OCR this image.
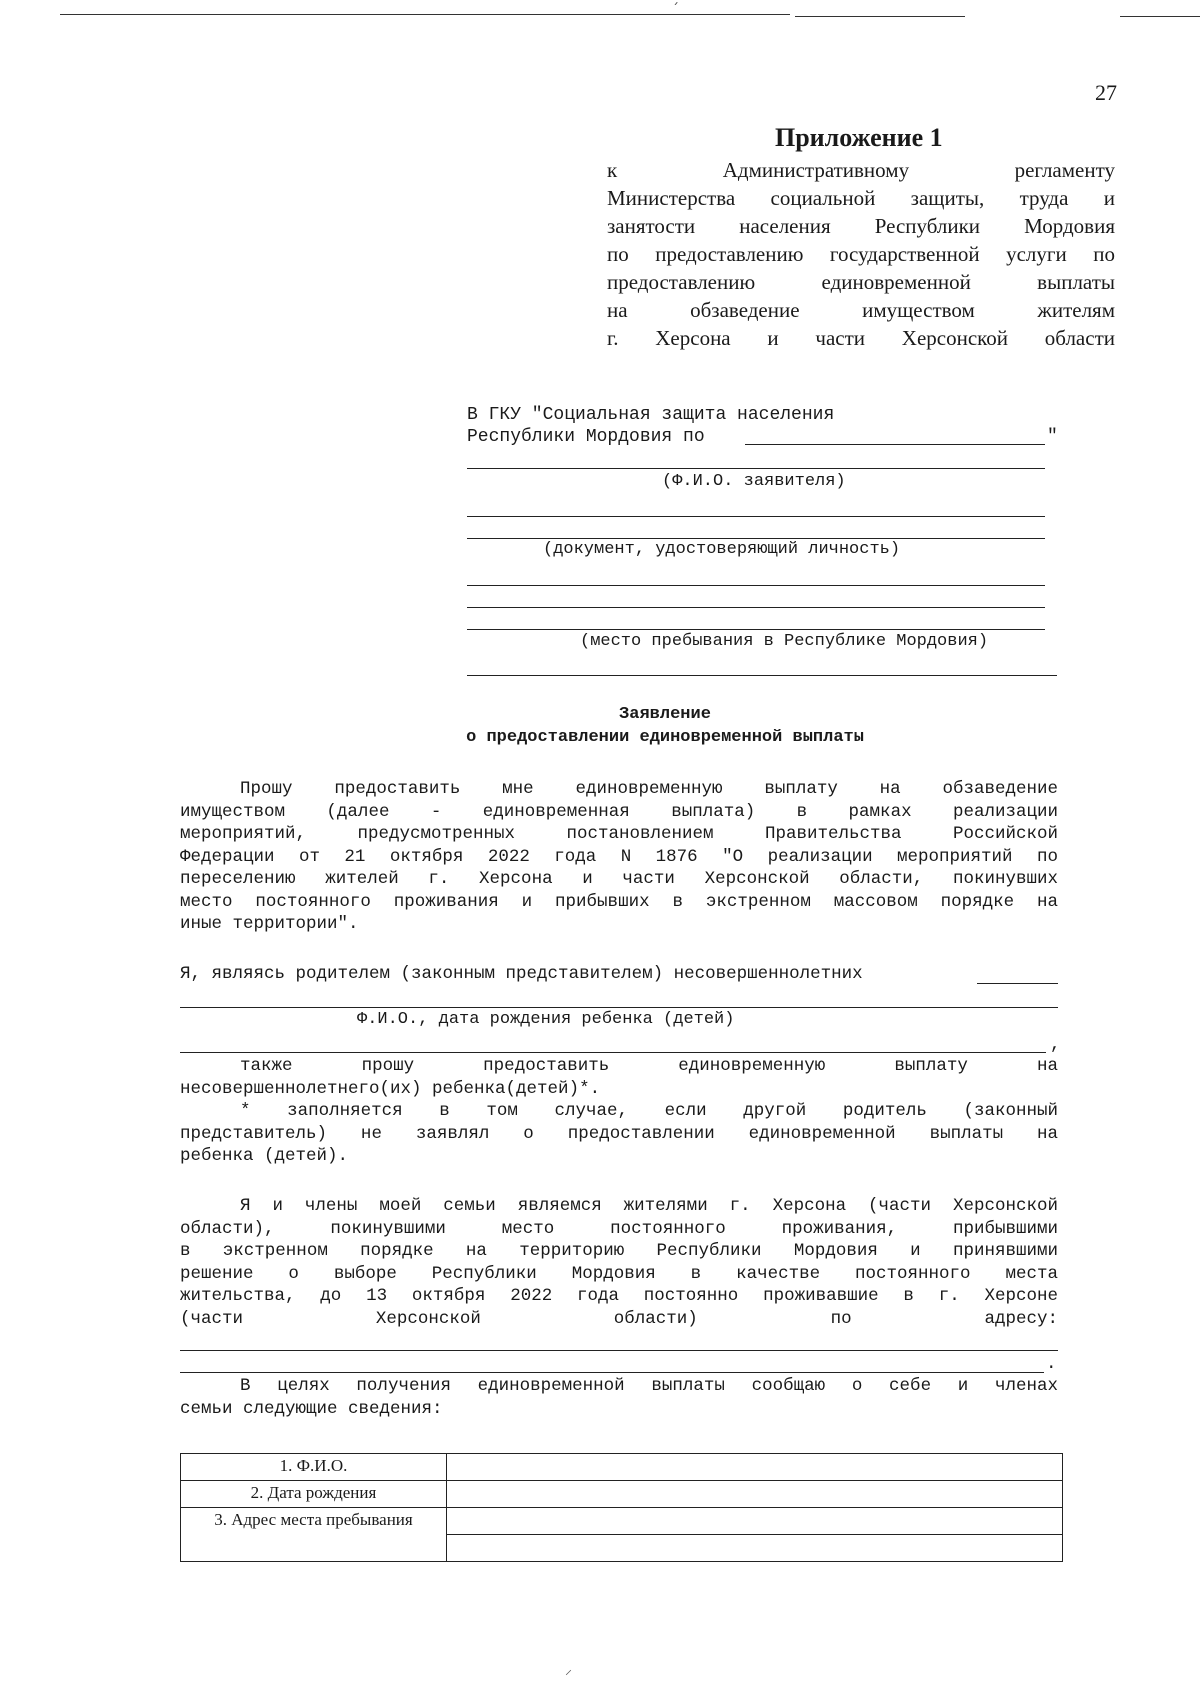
ˊ
27
Приложение 1
к Административному регламенту
Министерства социальной защиты, труда и
занятости населения Республики Мордовия
по предоставлению государственной услуги по
предоставлению единовременной выплаты
на обзаведение имуществом жителям
г. Херсона и части Херсонской области
В ГКУ "Социальная защита населения
Республики Мордовия по	"
(Ф.И.О. заявителя)
(документ, удостоверяющий личность)
(место пребывания в Республике Мордовия)
Заявление
о предоставлении единовременной выплаты
Прошу предоставить мне единовременную выплату на обзаведение
имуществом (далее - единовременная выплата) в рамках реализации
мероприятий, предусмотренных постановлением Правительства Российской
Федерации от 21 октября 2022 года N 1876 "О реализации мероприятий по
переселению жителей г. Херсона и части Херсонской области, покинувших
место постоянного проживания и прибывших в экстренном массовом порядке на
иные территории".
Я, являясь родителем (законным представителем) несовершеннолетних
Ф.И.О., дата рождения ребенка (детей)
,
также прошу предоставить единовременную выплату на
несовершеннолетнего(их) ребенка(детей)*.
* заполняется в том случае, если другой родитель (законный
представитель) не заявлял о предоставлении единовременной выплаты на
ребенка (детей).
Я и члены моей семьи являемся жителями г. Херсона (части Херсонской
области), покинувшими место постоянного проживания, прибывшими
в экстренном порядке на территорию Республики Мордовия и принявшими
решение о выборе Республики Мордовия в качестве постоянного места
жительства, до 13 октября 2022 года постоянно проживавшие в г. Херсоне
(части Херсонской области) по адресу:
.
В целях получения единовременной выплаты сообщаю о себе и членах
семьи следующие сведения:
1. Ф.И.О.	
2. Дата рождения	
3. Адрес места пребывания	

⸝
